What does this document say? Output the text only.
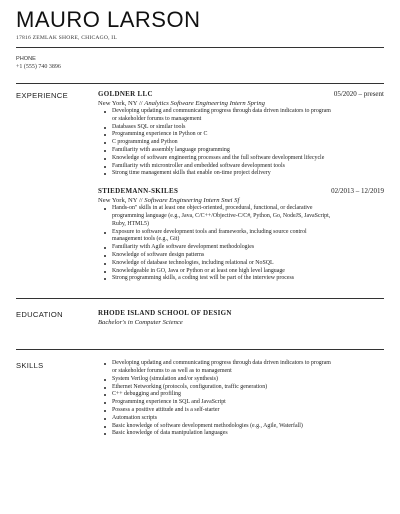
MAURO LARSON
17816 ZEMLAK SHORE, CHICAGO, IL
PHONE
+1 (555) 740 3896
EXPERIENCE	GOLDNER LLC	05/2020 – present
New York, NY // Analytics Software Engineering Intern Spring
Developing updating and communicating progress through data driven indicators to program
or stakeholder forums to management
Databases SQL or similar tools
Programming experience in Python or C
C programming and Python
Familiarity with assembly language programming
Knowledge of software engineering processes and the full software development lifecycle
Familiarity with microntroller and embedded software development tools
Strong time management skills that enable on-time project delivery
STIEDEMANN-SKILES	02/2013 – 12/2019
New York, NY // Software Engineering Intern Snei Sf
Hands-on" skills in at least one object-oriented, procedural, functional, or declarative
programming language (e.g., Java, C/C++/Objective-C/C#, Python, Go, NodeJS, JavaScript,
Ruby, HTML5)
Exposure to software development tools and frameworks, including source control
management tools (e.g., Git)
Familiarity with Agile software development methodologies
Knowledge of software design patterns
Knowledge of database technologies, including relational or NoSQL
Knowledgeable in GO, Java or Python or at least one high level language
Strong programming skills, a coding test will be part of the interview process
EDUCATION	RHODE ISLAND SCHOOL OF DESIGN
Bachelor's in Computer Science
SKILLS	Developing updating and communicating progress through data driven indicators to program
or stakeholder forums to as well as to management
System Verilog (simulation and/or synthesis)
Ethernet Networking (protocols, configuration, traffic generation)
C++ debugging and profiling
Programming experience in SQL and JavaScript
Possess a positive attitude and is a self-starter
Automation scripts
Basic knowledge of software development methodologies (e.g., Agile, Waterfall)
Basic knowledge of data manipulation languages
